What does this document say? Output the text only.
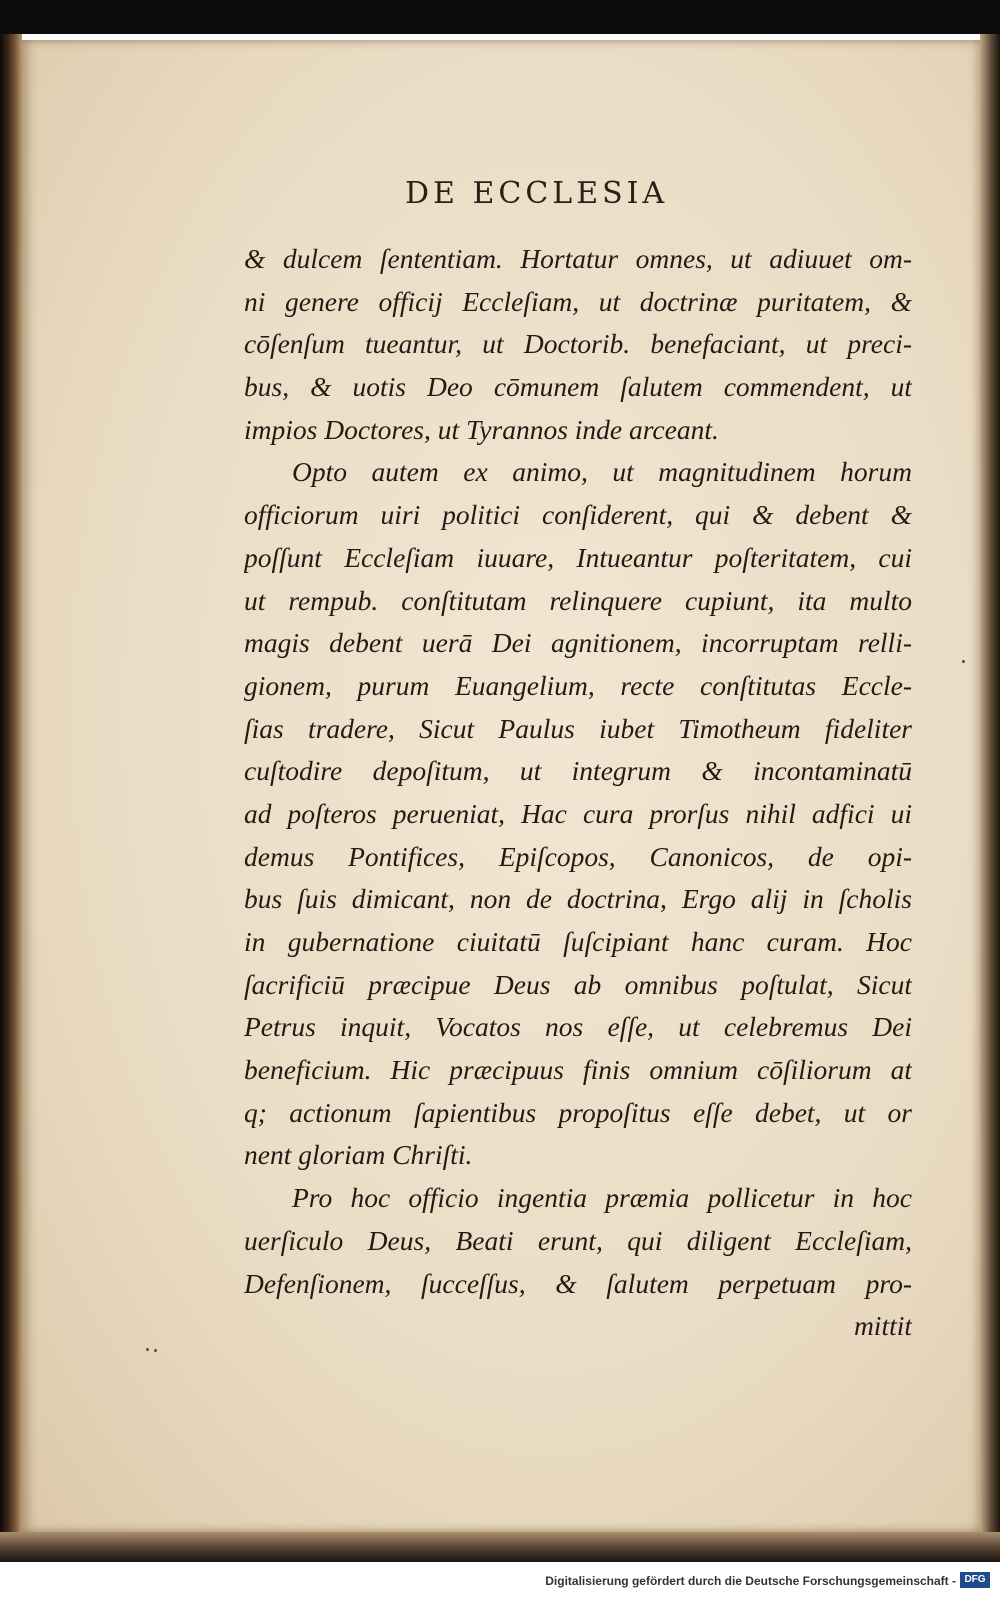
DE ECCLESIA
& dulcem ſententiam. Hortatur omnes, ut adiuuet om-
ni genere officij Eccleſiam, ut doctrinæ puritatem, &
cōſenſum tueantur, ut Doctorib. benefaciant, ut preci-
bus, & uotis Deo cōmunem ſalutem commendent, ut
impios Doctores, ut Tyrannos inde arceant.
Opto autem ex animo, ut magnitudinem horum
officiorum uiri politici conſiderent, qui & debent &
poſſunt Eccleſiam iuuare, Intueantur poſteritatem, cui
ut rempub. conſtitutam relinquere cupiunt, ita multo
magis debent uerā Dei agnitionem, incorruptam relli-
gionem, purum Euangelium, recte conſtitutas Eccle-
ſias tradere, Sicut Paulus iubet Timotheum fideliter
cuſtodire depoſitum, ut integrum & incontaminatū
ad poſteros perueniat, Hac cura prorſus nihil adfici ui
demus Pontifices, Epiſcopos, Canonicos, de opi-
bus ſuis dimicant, non de doctrina, Ergo alij in ſcholis
in gubernatione ciuitatū ſuſcipiant hanc curam. Hoc
ſacrificiū præcipue Deus ab omnibus poſtulat, Sicut
Petrus inquit, Vocatos nos eſſe, ut celebremus Dei
beneficium. Hic præcipuus finis omnium cōſiliorum at
q; actionum ſapientibus propoſitus eſſe debet, ut or
nent gloriam Chriſti.
Pro hoc officio ingentia præmia pollicetur in hoc
uerſiculo Deus, Beati erunt, qui diligent Eccleſiam,
Defenſionem, ſucceſſus, & ſalutem perpetuam pro-
mittit
Digitalisierung gefördert durch die Deutsche Forschungsgemeinschaft - DFG
